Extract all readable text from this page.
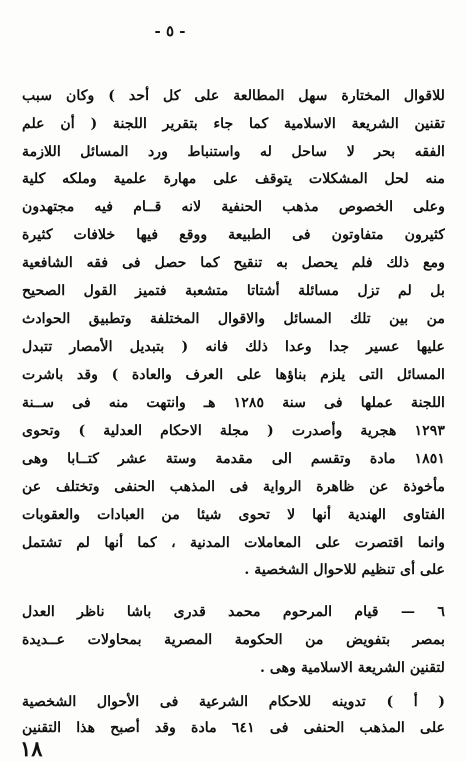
- ٥ -
للاقوال المختارة سهل المطالعة على كل أحد ) وكان سبب
تقنين الشريعة الاسلامية كما جاء بتقرير اللجنة ( أن علم
الفقه بحر لا ساحل له واستنباط ورد المسائل اللازمة
منه لحل المشكلات يتوقف على مهارة علمية وملكه كلية
وعلى الخصوص مذهب الحنفية لانه قــام فيه مجتهدون
كثيرون متفاوتون فى الطبيعة ووقع فيها خلافات كثيرة
ومع ذلك فلم يحصل به تنقيح كما حصل فى فقه الشافعية
بل لم تزل مسائلة أشتاتا متشعبة فتميز القول الصحيح
من بين تلك المسائل والاقوال المختلفة وتطبيق الحوادث
عليها عسير جدا وعدا ذلك فانه ( بتبديل الأمصار تتبدل
المسائل التى يلزم بناؤها على العرف والعادة ) وقد باشرت
اللجنة عملها فى سنة ١٢٨٥ هـ وانتهت منه فى ســنة
١٢٩٣ هجرية وأصدرت ( مجلة الاحكام العدلية ) وتحوى
١٨٥١ مادة وتقسم الى مقدمة وستة عشر كتــابا وهى
مأخوذة عن ظاهرة الرواية فى المذهب الحنفى وتختلف عن
الفتاوى الهندية أنها لا تحوى شيئا من العبادات والعقوبات
وانما اقتصرت على المعاملات المدنية ، كما أنها لم تشتمل
على أى تنظيم للاحوال الشخصية .
٦ — قيام المرحوم محمد قدرى باشا ناظر العدل
بمصر بتفويض من الحكومة المصرية بمحاولات عــديدة
لتقنين الشريعة الاسلامية وهى .
( أ ) تدوينه للاحكام الشرعية فى الأحوال الشخصية
على المذهب الحنفى فى ٦٤١ مادة وقد أصبح هذا التقنين
١٨
